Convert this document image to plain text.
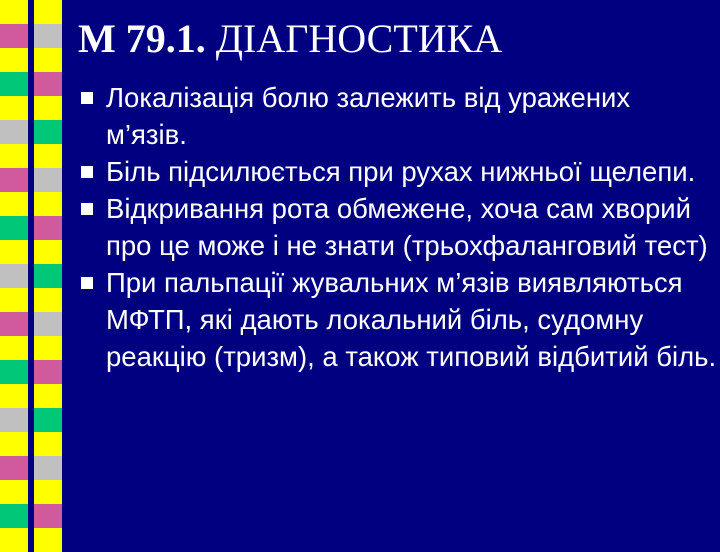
М 79.1. ДІАГНОСТИКА
Локалізація болю залежить від уражених м’язів.
Біль підсилюється при рухах нижньої щелепи.
Відкривання рота обмежене, хоча сам хворий про це може і не знати (трьохфаланговий тест)
При пальпації жувальних м’язів виявляються МФТП, які дають локальний біль, судомну реакцію (тризм), а також типовий відбитий біль.
